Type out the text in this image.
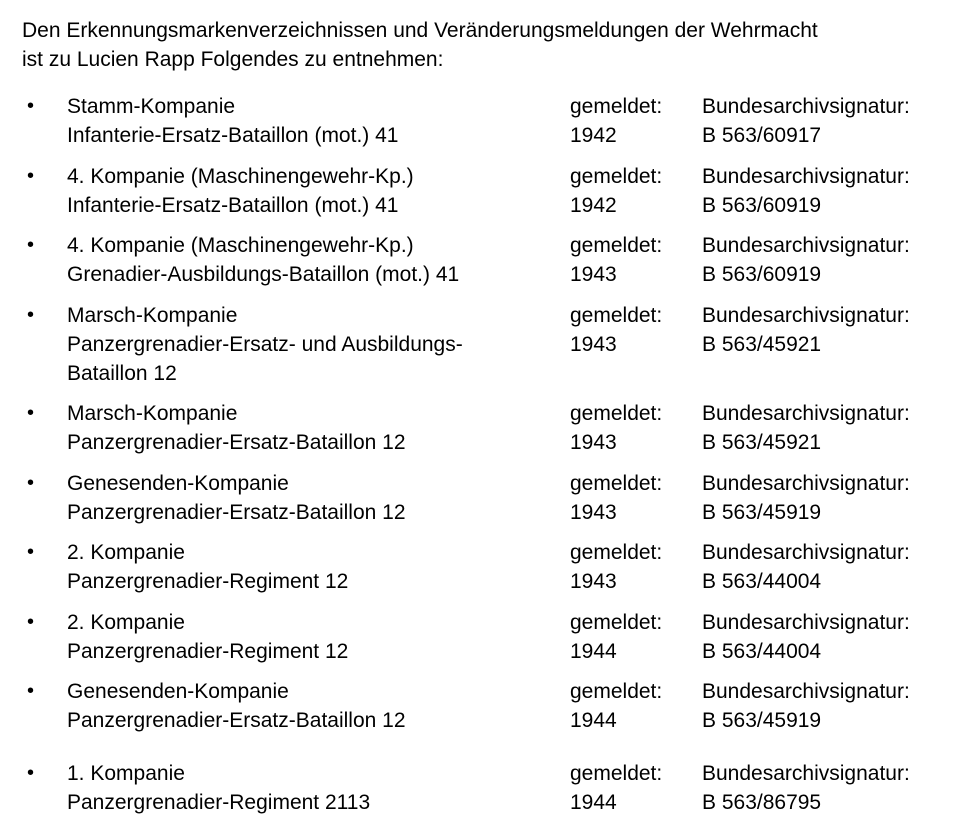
Den Erkennungsmarkenverzeichnissen und Veränderungsmeldungen der Wehrmacht
ist zu Lucien Rapp Folgendes zu entnehmen:
• Stamm-Kompanie
Infanterie-Ersatz-Bataillon (mot.) 41
gemeldet:
1942
Bundesarchivsignatur:
B 563/60917
• 4. Kompanie (Maschinengewehr-Kp.)
Infanterie-Ersatz-Bataillon (mot.) 41
gemeldet:
1942
Bundesarchivsignatur:
B 563/60919
• 4. Kompanie (Maschinengewehr-Kp.)
Grenadier-Ausbildungs-Bataillon (mot.) 41
gemeldet:
1943
Bundesarchivsignatur:
B 563/60919
• Marsch-Kompanie
Panzergrenadier-Ersatz- und Ausbildungs-
Bataillon 12
gemeldet:
1943
Bundesarchivsignatur:
B 563/45921
• Marsch-Kompanie
Panzergrenadier-Ersatz-Bataillon 12
gemeldet:
1943
Bundesarchivsignatur:
B 563/45921
• Genesenden-Kompanie
Panzergrenadier-Ersatz-Bataillon 12
gemeldet:
1943
Bundesarchivsignatur:
B 563/45919
• 2. Kompanie
Panzergrenadier-Regiment 12
gemeldet:
1943
Bundesarchivsignatur:
B 563/44004
• 2. Kompanie
Panzergrenadier-Regiment 12
gemeldet:
1944
Bundesarchivsignatur:
B 563/44004
• Genesenden-Kompanie
Panzergrenadier-Ersatz-Bataillon 12
gemeldet:
1944
Bundesarchivsignatur:
B 563/45919
• 1. Kompanie
Panzergrenadier-Regiment 2113
gemeldet:
1944
Bundesarchivsignatur:
B 563/86795
